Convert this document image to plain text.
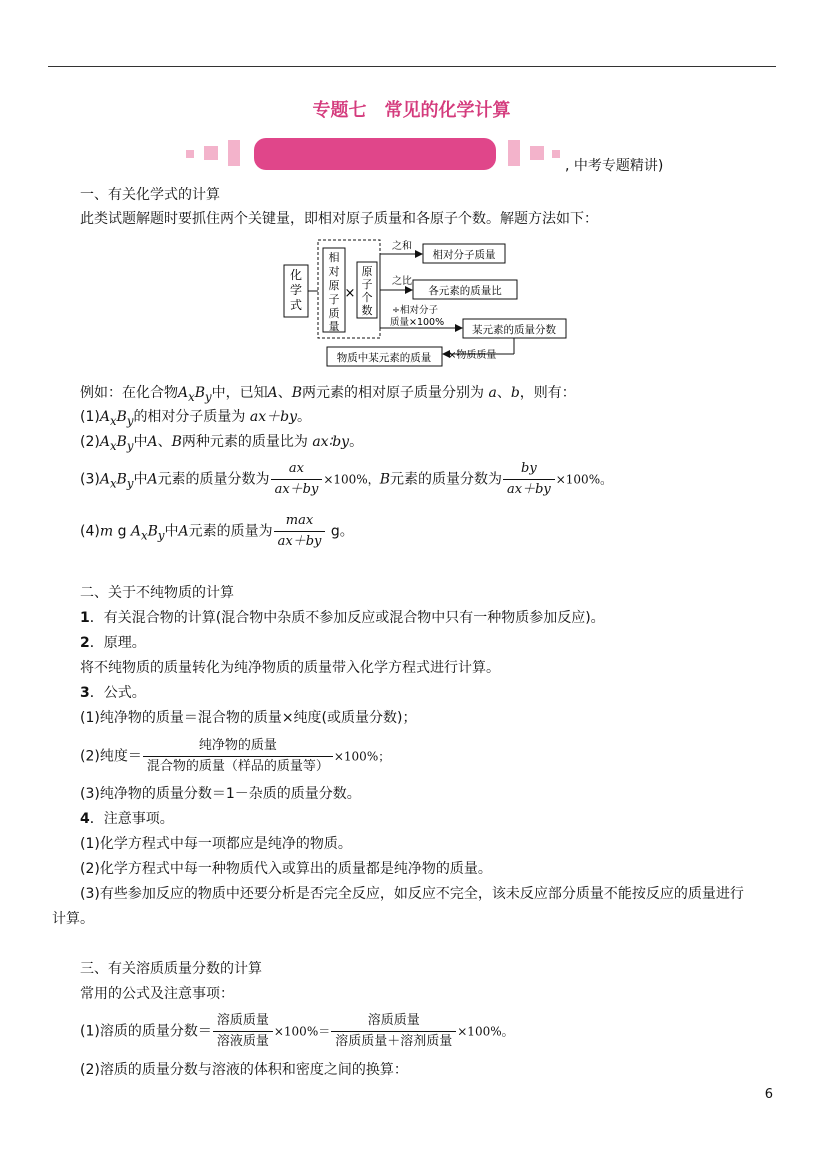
专题七　常见的化学计算
, 中考专题精讲)
一、有关化学式的计算
此类试题解题时要抓住两个关键量，即相对原子质量和各原子个数。解题方法如下：
化
学
式
相
对
原
子
质
量
×
原
子
个
数
之和
相对分子质量
之比
各元素的质量比
÷相对分子
质量×100%
某元素的质量分数
×物质质量
物质中某元素的质量
例如：在化合物$A_xB_y$中，已知A、B两元素的相对原子质量分别为 a、b，则有：
$(1)A_xB_y$的相对分子质量为 ax＋by。
$(2)A_xB_y$中A、B两种元素的质量比为 ax∶by。
$(3)A_xB_y$中A元素的质量分数为 $\frac{ax}{ax+by} \times 100\%$，B元素的质量分数为 $\frac{by}{ax+by} \times 100\%$。
(4)m g $A_xB_y$中A元素的质量为 $\frac{\max}{ax+by}$ g。
二、关于不纯物质的计算
1．有关混合物的计算(混合物中杂质不参加反应或混合物中只有一种物质参加反应)。
2．原理。
将不纯物质的质量转化为纯净物质的质量带入化学方程式进行计算。
3．公式。
(1)纯净物的质量＝混合物的质量×纯度(或质量分数)；
(2)纯度＝ $\frac{\text{纯净物的质量}}{\text{混合物的质量（样品的质量等）}} \times 100\%$；
(3)纯净物的质量分数＝1－杂质的质量分数。
4．注意事项。
(1)化学方程式中每一项都应是纯净的物质。
(2)化学方程式中每一种物质代入或算出的质量都是纯净物的质量。
(3)有些参加反应的物质中还要分析是否完全反应，如反应不完全，该未反应部分质量不能按反应的质量进行
计算。
三、有关溶质质量分数的计算
常用的公式及注意事项：
(1)溶质的质量分数＝ $\frac{\text{溶质质量}}{\text{溶液质量}} \times 100\%= \frac{\text{溶质质量}}{\text{溶质质量＋溶剂质量}} \times 100\%$。
(2)溶质的质量分数与溶液的体积和密度之间的换算：
6
